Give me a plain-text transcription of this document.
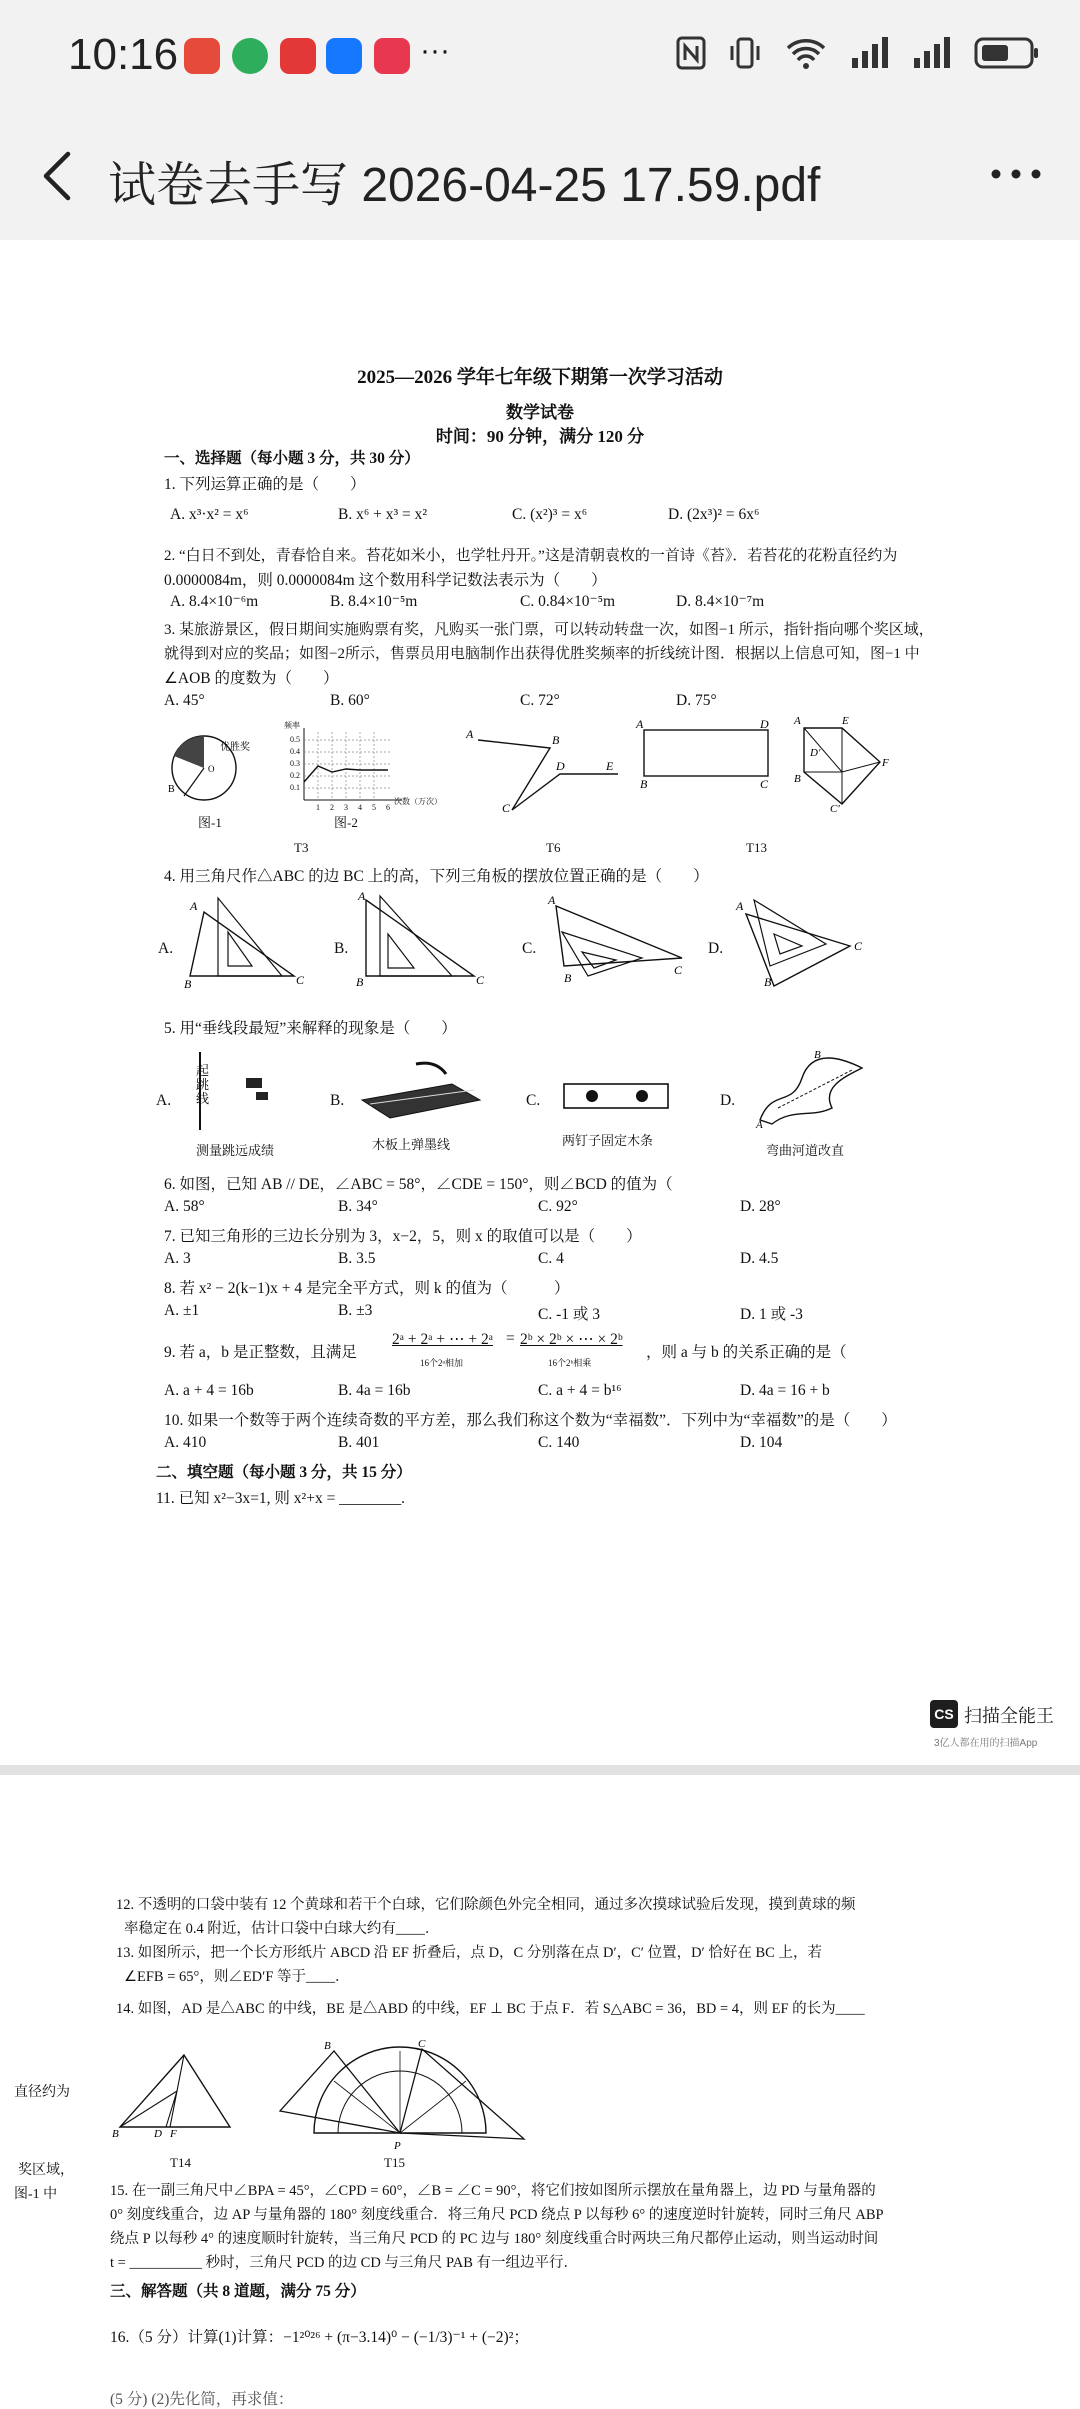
10:16	···
试卷去手写 2026-04-25 17.59.pdf
2025—2026 学年七年级下期第一次学习活动
数学试卷
时间：90 分钟，满分 120 分
一、选择题（每小题 3 分，共 30 分）
1. 下列运算正确的是（　　）
A. x³·x² = x⁶	B. x⁶ + x³ = x²	C. (x²)³ = x⁶	D. (2x³)² = 6x⁶
2. “白日不到处，青春恰自来。苔花如米小，也学牡丹开。”这是清朝袁枚的一首诗《苔》．若苔花的花粉直径约为
0.0000084m，则 0.0000084m 这个数用科学记数法表示为（　　）
A. 8.4×10⁻⁶m	B. 8.4×10⁻⁵m	C. 0.84×10⁻⁵m	D. 8.4×10⁻⁷m
3. 某旅游景区，假日期间实施购票有奖，凡购买一张门票，可以转动转盘一次，如图−1 所示，指针指向哪个奖区域，
就得到对应的奖品；如图−2所示，售票员用电脑制作出获得优胜奖频率的折线统计图．根据以上信息可知，图−1 中
∠AOB 的度数为（　　）
A. 45°	B. 60°	C. 72°	D. 75°
B
O
优胜奖
图-1
0.5
0.4
0.3
0.2
0.1
1 2 3 4 5 6
频率
次数（万次）
图-2
T3
A	B
C
D	E
T6
A	D
B	C
A	E
B
D′
F
C′
T13
4. 用三角尺作△ABC 的边 BC 上的高，下列三角板的摆放位置正确的是（　　）
A.
A
B	C
B.
A
B	C
C.
A
B
C
D.
A
B
C
5. 用“垂线段最短”来解释的现象是（　　）
A.
起跳线
测量跳远成绩
B.
木板上弹墨线
C.
两钉子固定木条
D.
A
B
弯曲河道改直
6. 如图，已知 AB // DE，∠ABC = 58°，∠CDE = 150°，则∠BCD 的值为（
A. 58°	B. 34°	C. 92°	D. 28°
7. 已知三角形的三边长分别为 3，x−2，5，则 x 的取值可以是（　　）
A. 3	B. 3.5	C. 4	D. 4.5
8. 若 x² − 2(k−1)x + 4 是完全平方式，则 k 的值为（　　　）
A. ±1	B. ±3	C. -1 或 3	D. 1 或 -3
9. 若 a，b 是正整数，且满足
2ᵃ + 2ᵃ + ⋯ + 2ᵃ
16个2ᵃ相加
= 2ᵇ × 2ᵇ × ⋯ × 2ᵇ
16个2ᵇ相乘
，则 a 与 b 的关系正确的是（
A. a + 4 = 16b	B. 4a = 16b	C. a + 4 = b¹⁶	D. 4a = 16 + b
10. 如果一个数等于两个连续奇数的平方差，那么我们称这个数为“幸福数”．下列中为“幸福数”的是（　　）
A. 410	B. 401	C. 140	D. 104
二、填空题（每小题 3 分，共 15 分）
11. 已知 x²−3x=1, 则 x²+x = ________.
CS 扫描全能王
3亿人都在用的扫描App
12. 不透明的口袋中装有 12 个黄球和若干个白球，它们除颜色外完全相同，通过多次摸球试验后发现，摸到黄球的频
率稳定在 0.4 附近，估计口袋中白球大约有____．
13. 如图所示，把一个长方形纸片 ABCD 沿 EF 折叠后，点 D，C 分别落在点 D′，C′ 位置，D′ 恰好在 BC 上，若
∠EFB = 65°，则∠ED′F 等于____．
14. 如图，AD 是△ABC 的中线，BE 是△ABD 的中线，EF ⊥ BC 于点 F．若 S△ABC = 36，BD = 4，则 EF 的长为____
直径约为
奖区域，
图-1 中
B	D F
T14
B	C
P
T15
15. 在一副三角尺中∠BPA = 45°，∠CPD = 60°，∠B = ∠C = 90°，将它们按如图所示摆放在量角器上，边 PD 与量角器的
0° 刻度线重合，边 AP 与量角器的 180° 刻度线重合．将三角尺 PCD 绕点 P 以每秒 6° 的速度逆时针旋转，同时三角尺 ABP
绕点 P 以每秒 4° 的速度顺时针旋转，当三角尺 PCD 的 PC 边与 180° 刻度线重合时两块三角尺都停止运动，则当运动时间
t = __________ 秒时，三角尺 PCD 的边 CD 与三角尺 PAB 有一组边平行．
三、解答题（共 8 道题，满分 75 分）
16.（5 分）计算(1)计算：−1²⁰²⁶ + (π−3.14)⁰ − (−1/3)⁻¹ + (−2)²；
(5 分) (2)先化简，再求值：
